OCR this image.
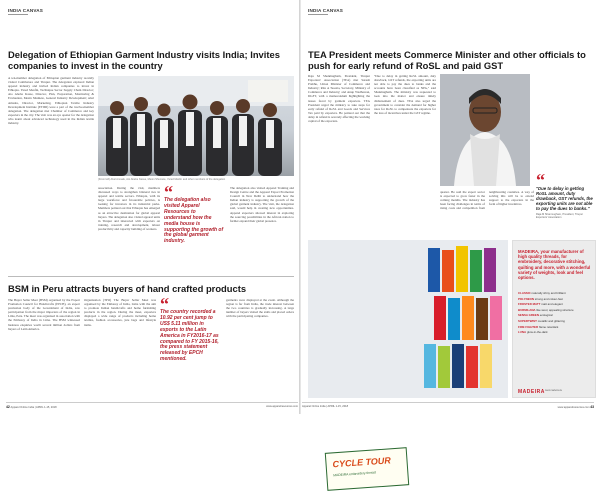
INDIA CANVAS
Delegation of Ethiopian Garment Industry visits India; Invites companies to invest in the country
A ten-member delegation of Ethiopian garment industry recently visited Coimbatore and Tirupur. The delegation explored Indian apparel industry and invited Indian companies to invest in Ethiopia. Yared Mesfin, Technique Sector Supply Chain Director; Ato Abebe Kasse, Director, Plan, Preparation, Monitoring & Evaluation, Mesin Shumete, General Industry Development; Abel Amsalu, Director, Marketing, Ethiopian Textile Industry Development Institute (ETIDI) were a part of the twelve-member delegation. The delegation met Chamber of Commerce and key exporters in the city. The visit was an eye opener for the delegation who learnt about advanced technology used in the Indian textile industry.
(From left) Abel Amsalu, Ato Abebe Kasse, Mesin Shumete, Yared Mesfin and other members of the delegation
association. During the visit, members discussed ways to strengthen bilateral ties in apparel and textile sectors. Ethiopia, with its large workforce and favourable policies, is looking for investors in its industrial parks. Members pointed out that Ethiopia has emerged as an attractive destination for global apparel buyers. The delegation also visited apparel units in Tirupur and interacted with exporters on training, research and development, labour productivity and capacity building of workers.
“
The delegation also visited Apparel Resources to understand how the media house is supporting the growth of the global garment industry.
The delegation also visited Apparel Training and Design Centre and the Apparel Export Promotion Council in New Delhi to understand how the Indian industry is supporting the growth of the global garment industry. The visit, the delegation said, would help in creating new opportunities. Apparel exporters showed interest in exploring the sourcing possibilities in the African nation to further expand their global presence.
BSM in Peru attracts buyers of hand crafted products
The Buyer Seller Meet (BSM) organised by the Export Promotion Council for Handicrafts (EPCH), an export promotion body of the Government of India, saw participation from the major importers of the region in Lima, Peru. The meet was organised in association with the Embassy of India in Lima. The BSM witnessed business enquiries worth several million dollars from buyers of Latin America.
Organisation (TPO) The Buyer Seller Meet was organised by the Embassy of India, Lima with the aim to promote Indian handicrafts and home furnishing products in the region. During the meet, exporters displayed a wide range of products including home textiles, fashion accessories, jute bags and lifestyle items.
“
The country recorded a 10.92 per cent jump to US$ 5.11 million in exports to the Latin America in FY2016-17 as compared to FY 2015-16, the press statement released by EPCH mentioned.
garments were displayed at the event. Although the region is far from India, the trade interest between the two countries is gradually increasing. A large number of buyers visited the stalls and placed orders with the participating companies.
42 Apparel Online India | APRIL 1-15, 2018	www.apparelresources.com
INDIA CANVAS
TEA President meets Commerce Minister and other officials to push for early refund of RoSL and paid GST
Raja M Shanmugham, President, Tirupur Exporters' Association (TEA) met Suresh Prabhu, Union Minister of Commerce and Industry; Rita A Teaotia, Secretary, Ministry of Commerce and Industry; and Anup Wadhawan, DGFT, with a memorandum highlighting the issues faced by garment exporters. TEA President urged the ministry to take steps for early refund of RoSL and Goods and Services Tax paid by exporters. He pointed out that the delay in refund is severely affecting the working capital of the exporters.
"Due to delay in getting RoSL amount, duty drawback, GST refunds, the exporting units are not able to pay the dues to banks and the accounts have been classified as NPA," said Shanmugham. The ministry was requested to look into the matter and ensure timely disbursement of dues. TEA also urged the government to consider the demand for higher rates for RoSL to compensate the exporters for the loss of incentives under the GST regime.
“
"Due to delay in getting RoSL amount, duty drawback, GST refunds, the exporting units are not able to pay the dues to banks."
Raja M Shanmugham, President, Tirupur Exporters' Association
quarter. He said the export sector is expected to grow faster in the coming months. The industry has been facing challenges in terms of rising costs and competition from neighbouring countries. A way of solving this will be to extend support to the exporters in the form of higher incentives.
CYCLE TOUR
MADEIRA embroidery thread
MADEIRA, your manufacturer of high quality threads, for embroidery, decorative stitching, quilting and more, with a wonderful variety of weights, look and feel options.
CLASSIC naturally shiny and brilliant
POLYNEON strong and colour-fast
FROSTED MATT matt and elegant
BURMILANA like wool, appealing structure
SENSA GREEN ecological
SUPERTWIST metallic and glittering
FIRE FIGHTER flame retardant
LUNA glow-in-the-dark
MADEIRA www.madeira.de
Apparel Online India | APRIL 1-15, 2018	www.apparelresources.com 43
